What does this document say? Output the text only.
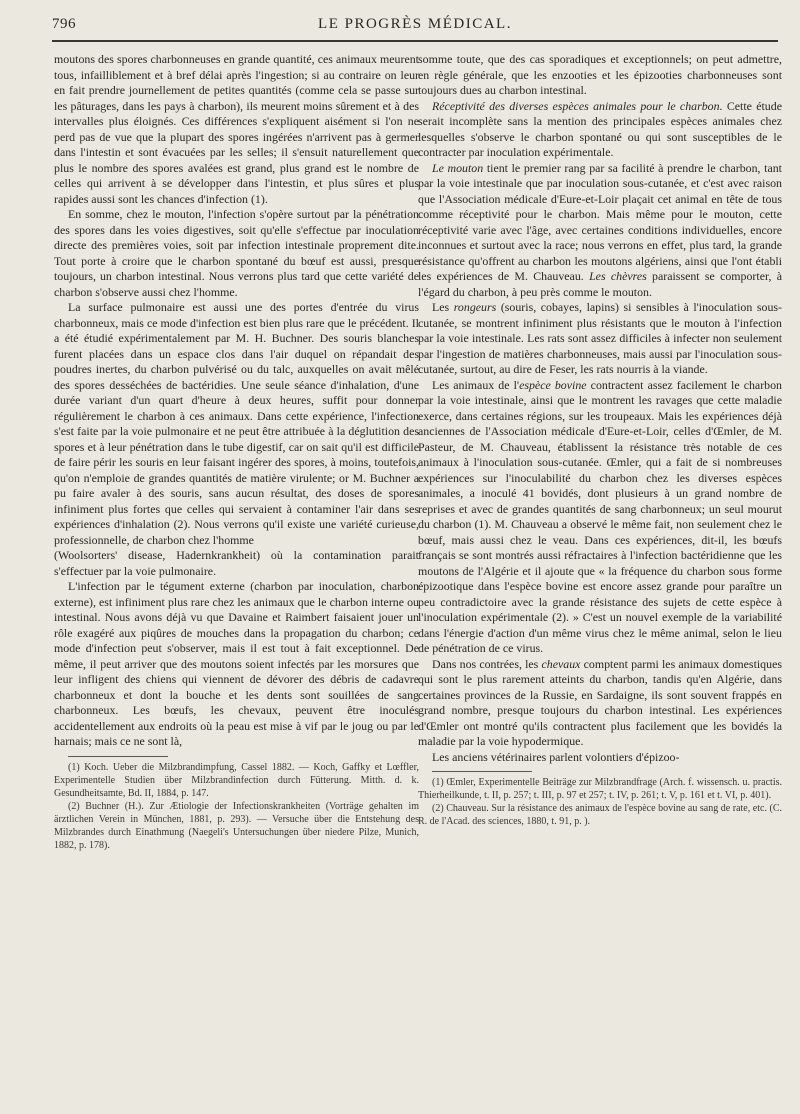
796	LE PROGRÈS MÉDICAL.

moutons des spores charbonneuses en grande quantité, ces animaux meurent tous, infailliblement et à bref délai après l'ingestion; si au contraire on leur en fait prendre journellement de petites quantités (comme cela se passe sur les pâturages, dans les pays à charbon), ils meurent moins sûrement et à des intervalles plus éloignés. Ces différences s'expliquent aisément si l'on ne perd pas de vue que la plupart des spores ingérées n'arrivent pas à germer dans l'intestin et sont évacuées par les selles; il s'ensuit naturellement que plus le nombre des spores avalées est grand, plus grand est le nombre de celles qui arrivent à se développer dans l'intestin, et plus sûres et plus rapides aussi sont les chances d'infection (1).

En somme, chez le mouton, l'infection s'opère surtout par la pénétration des spores dans les voies digestives, soit qu'elle s'effectue par inoculation directe des premières voies, soit par infection intestinale proprement dite. Tout porte à croire que le charbon spontané du bœuf est aussi, presque toujours, un charbon intestinal. Nous verrons plus tard que cette variété de charbon s'observe aussi chez l'homme.

La surface pulmonaire est aussi une des portes d'entrée du virus charbonneux, mais ce mode d'infection est bien plus rare que le précédent. Il a été étudié expérimentalement par M. H. Buchner. Des souris blanches furent placées dans un espace clos dans l'air duquel on répandait des poudres inertes, du charbon pulvérisé ou du talc, auxquelles on avait mêlé des spores desséchées de bactéridies. Une seule séance d'inhalation, d'une durée variant d'un quart d'heure à deux heures, suffit pour donner régulièrement le charbon à ces animaux. Dans cette expérience, l'infection s'est faite par la voie pulmonaire et ne peut être attribuée à la déglutition des spores et à leur pénétration dans le tube digestif, car on sait qu'il est difficile de faire périr les souris en leur faisant ingérer des spores, à moins, toutefois, qu'on n'emploie de grandes quantités de matière virulente; or M. Buchner a pu faire avaler à des souris, sans aucun résultat, des doses de spores infiniment plus fortes que celles qui servaient à contaminer l'air dans ses expériences d'inhalation (2). Nous verrons qu'il existe une variété curieuse, professionnelle, de charbon chez l'homme

(Woolsorters' disease, Hadernkrankheit) où la contamination parait s'effectuer par la voie pulmonaire.

L'infection par le tégument externe (charbon par inoculation, charbon externe), est infiniment plus rare chez les animaux que le charbon interne ou intestinal. Nous avons déjà vu que Davaine et Raimbert faisaient jouer un rôle exagéré aux piqûres de mouches dans la propagation du charbon; ce mode d'infection peut s'observer, mais il est tout à fait exceptionnel. De même, il peut arriver que des moutons soient infectés par les morsures que leur infligent des chiens qui viennent de dévorer des débris de cadavre charbonneux et dont la bouche et les dents sont souillées de sang charbonneux. Les bœufs, les chevaux, peuvent être inoculés accidentellement aux endroits où la peau est mise à vif par le joug ou par le harnais; mais ce ne sont là,

(1) Koch. Ueber die Milzbrandimpfung, Cassel 1882. — Koch, Gaffky et Lœffler, Experimentelle Studien über Milzbrandinfection durch Fütterung. Mitth. d. k. Gesundheitsamte, Bd. II, 1884, p. 147.

(2) Buchner (H.). Zur Ætiologie der Infectionskrankheiten (Vorträge gehalten im ärztlichen Verein in München, 1881, p. 293). — Versuche über die Entstehung des Milzbrandes durch Einathmung (Naegeli's Untersuchungen über niedere Pilze, Munich, 1882, p. 178).

somme toute, que des cas sporadiques et exceptionnels; on peut admettre, en règle générale, que les enzooties et les épizooties charbonneuses sont toujours dues au charbon intestinal.

Réceptivité des diverses espèces animales pour le charbon. Cette étude serait incomplète sans la mention des principales espèces animales chez lesquelles s'observe le charbon spontané ou qui sont susceptibles de le contracter par inoculation expérimentale.

Le mouton tient le premier rang par sa facilité à prendre le charbon, tant par la voie intestinale que par inoculation sous-cutanée, et c'est avec raison que l'Association médicale d'Eure-et-Loir plaçait cet animal en tête de tous comme réceptivité pour le charbon. Mais même pour le mouton, cette réceptivité varie avec l'âge, avec certaines conditions individuelles, encore inconnues et surtout avec la race; nous verrons en effet, plus tard, la grande résistance qu'offrent au charbon les moutons algériens, ainsi que l'ont établi les expériences de M. Chauveau. Les chèvres paraissent se comporter, à l'égard du charbon, à peu près comme le mouton.

Les rongeurs (souris, cobayes, lapins) si sensibles à l'inoculation sous-cutanée, se montrent infiniment plus résistants que le mouton à l'infection par la voie intestinale. Les rats sont assez difficiles à infecter non seulement par l'ingestion de matières charbonneuses, mais aussi par l'inoculation sous-cutanée, surtout, au dire de Feser, les rats nourris à la viande.

Les animaux de l'espèce bovine contractent assez facilement le charbon par la voie intestinale, ainsi que le montrent les ravages que cette maladie exerce, dans certaines régions, sur les troupeaux. Mais les expériences déjà anciennes de l'Association médicale d'Eure-et-Loir, celles d'Œmler, de M. Pasteur, de M. Chauveau, établissent la résistance très notable de ces animaux à l'inoculation sous-cutanée. Œmler, qui a fait de si nombreuses expériences sur l'inoculabilité du charbon chez les diverses espèces animales, a inoculé 41 bovidés, dont plusieurs à un grand nombre de reprises et avec de grandes quantités de sang charbonneux; un seul mourut du charbon (1). M. Chauveau a observé le même fait, non seulement chez le bœuf, mais aussi chez le veau. Dans ces expériences, dit-il, les bœufs français se sont montrés aussi réfractaires à l'infection bactéridienne que les moutons de l'Algérie et il ajoute que « la fréquence du charbon sous forme épizootique dans l'espèce bovine est encore assez grande pour paraître un peu contradictoire avec la grande résistance des sujets de cette espèce à l'inoculation expérimentale (2). » C'est un nouvel exemple de la variabilité dans l'énergie d'action d'un même virus chez le même animal, selon le lieu de pénétration de ce virus.

Dans nos contrées, les chevaux comptent parmi les animaux domestiques qui sont le plus rarement atteints du charbon, tandis qu'en Algérie, dans certaines provinces de la Russie, en Sardaigne, ils sont souvent frappés en grand nombre, presque toujours du charbon intestinal. Les expériences d'Œmler ont montré qu'ils contractent plus facilement que les bovidés la maladie par la voie hypodermique.

Les anciens vétérinaires parlent volontiers d'épizoo-

(1) Œmler, Experimentelle Beiträge zur Milzbrandfrage (Arch. f. wissensch. u. practis. Thierheilkunde, t. II, p. 257; t. III, p. 97 et 257; t. IV, p. 261; t. V, p. 161 et t. VI, p. 401).

(2) Chauveau. Sur la résistance des animaux de l'espèce bovine au sang de rate, etc. (C. R. de l'Acad. des sciences, 1880, t. 91, p. ).
